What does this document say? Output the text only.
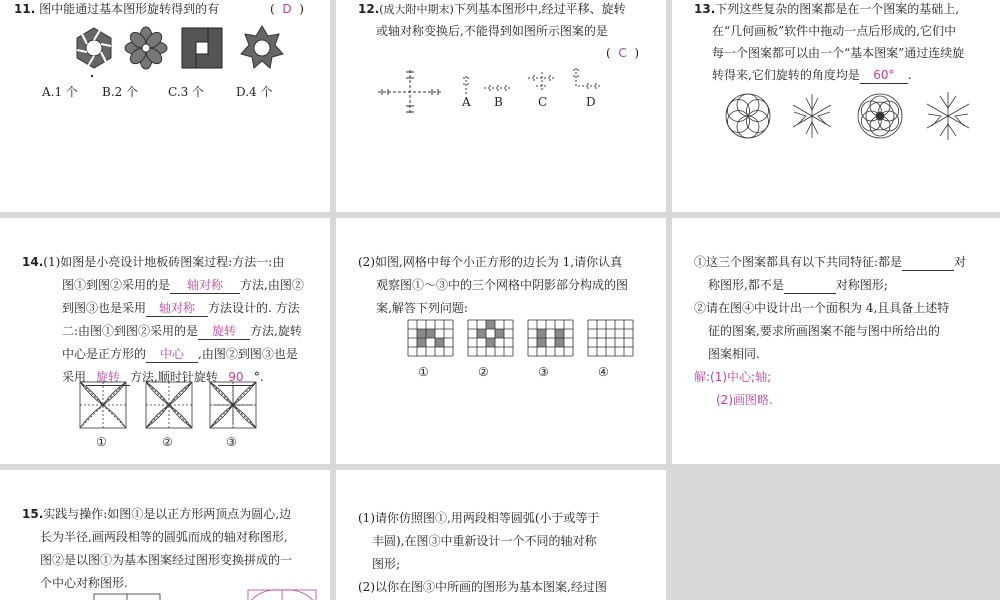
11. 图中能通过基本图形旋转得到的有	( D )
A.1 个 B.2 个 C.3 个	D.4 个
12.(成大附中期末)下列基本图形中,经过平移、旋转
或轴对称变换后,不能得到如图所示图案的是
( C )
A B	C	D
13.下列这些复杂的图案都是在一个图案的基础上,
在“几何画板”软件中拖动一点后形成的,它们中
每一个图案都可以由一个“基本图案”通过连续旋
转得来,它们旋转的角度均是 60° .
14.(1)如图是小亮设计地板砖图案过程:方法一:由
图①到图②采用的是 轴对称 方法,由图②
到图③也是采用 轴对称 方法设计的. 方法
二:由图①到图②采用的是 旋转 方法,旋转
中心是正方形的 中心 ,由图②到图③也是
采用 旋转 方法,顺时针旋转 90 °.
①	②	③
(2)如图,网格中每个小正方形的边长为 1,请你认真
观察图①～③中的三个网格中阴影部分构成的图
案,解答下列问题:
①	②	③	④
①这三个图案都具有以下共同特征:都是	对
称图形,都不是	对称图形;
②请在图④中设计出一个面积为 4,且具备上述特
征的图案,要求所画图案不能与图中所给出的
图案相同.
解:(1)中心;轴;
(2)画图略.
15.实践与操作:如图①是以正方形两顶点为圆心,边
长为半径,画两段相等的圆弧而成的轴对称图形,
图②是以图①为基本图案经过图形变换拼成的一
个中心对称图形.
(1)请你仿照图①,用两段相等圆弧(小于或等于
丰圆),在图③中重新设计一个不同的轴对称
图形;
(2)以你在图③中所画的图形为基本图案,经过图
